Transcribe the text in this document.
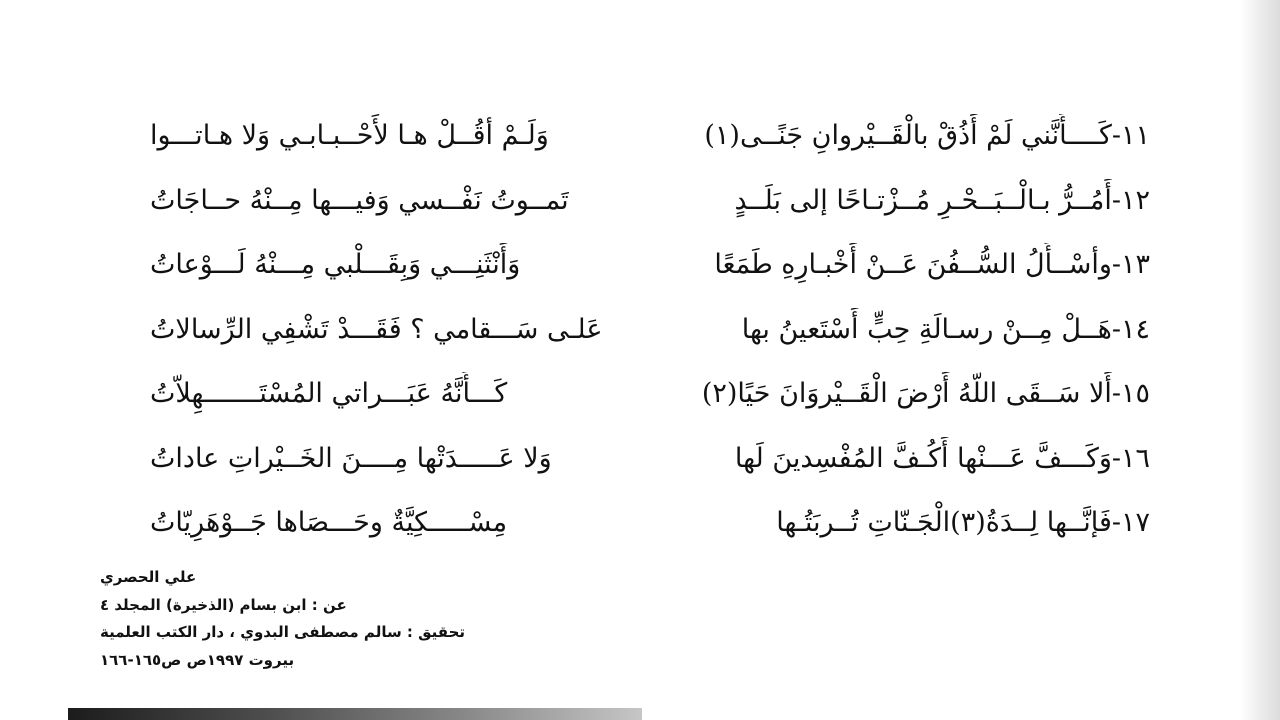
١١-كَــــأَنَّني لَمْ أَذُقْ بالْقَــيْروانِ جَنًــى(١)
وَلَـمْ أقُــلْ هـا لأَحْــبـابـي وَلا هـاتـــوا
١٢-أَمُــرُّ بـالْــبَــحْـرِ مُــزْتـاحًا إلى بَلَــدٍ
تَمــوتُ نَفْــسي وَفيـــها مِــنْهُ حــاجَاتُ
١٣-وأسْــأَلُ السُّــفُنَ عَــنْ أَخْبـارِهِ طَمَعًا
وَأَنْثَنِـــي وَبِقَـــلْبي مِـــنْهُ لَـــوْعاتُ
١٤-هَــلْ مِــنْ رسـالَةِ حِبٍّ أَسْتَعينُ بها
عَلـى سَـــقامي ؟ فَقَـــدْ تَشْفِي الرِّسالاتُ
١٥-أَلا سَــقَى اللَّهُ أَرْضَ الْقَــيْروَانَ حَيًا(٢)
كَـــأَنَّهُ عَبَـــراتي المُسْتَـــــــهِلاّتُ
١٦-وَكَـــفَّ عَـــنْها أَكُـفَّ المُفْسِدينَ لَها
وَلا عَـــــدَتْها مِــــنَ الخَــيْراتِ عاداتُ
١٧-فَإنَّــها لِــدَةُ(٣)الْجَـنّاتِ تُــربَتُـها
مِسْـــــكِيَّةٌ وحَـــصَاها جَــوْهَرِيّاتُ
علي الحصري
عن : ابن بسام (الذخيرة) المجلد ٤
تحقيق : سالم مصطفى البدوي ، دار الكتب العلمية
بيروت ١٩٩٧ص ص١٦٥-١٦٦
